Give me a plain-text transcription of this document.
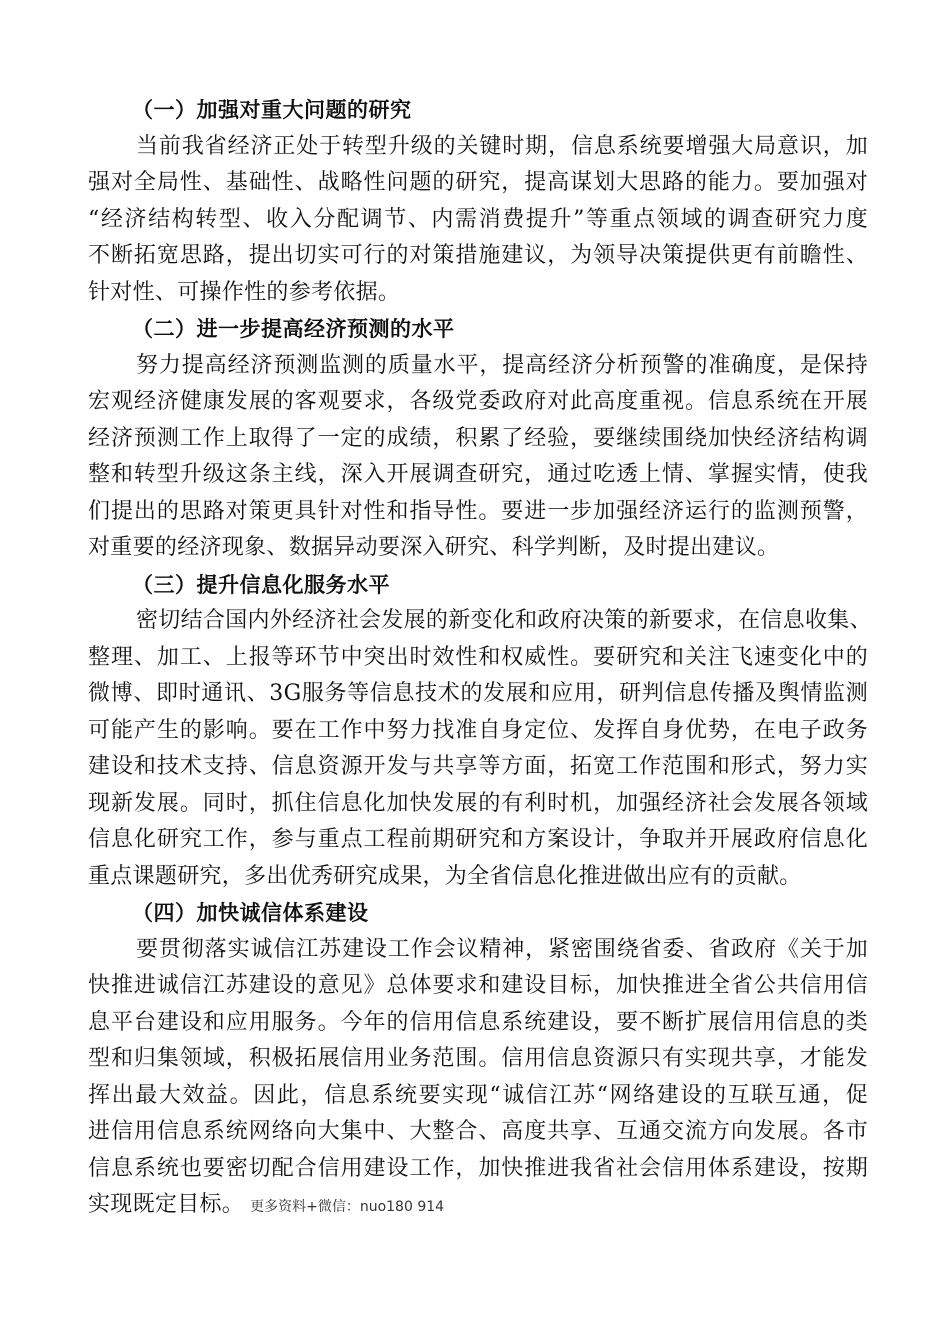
（一）加强对重大问题的研究

当前我省经济正处于转型升级的关键时期，信息系统要增强大局意识，加
强对全局性、基础性、战略性问题的研究，提高谋划大思路的能力。要加强对
“经济结构转型、收入分配调节、内需消费提升”等重点领域的调查研究力度
不断拓宽思路，提出切实可行的对策措施建议，为领导决策提供更有前瞻性、
针对性、可操作性的参考依据。

（二）进一步提高经济预测的水平

努力提高经济预测监测的质量水平，提高经济分析预警的准确度，是保持
宏观经济健康发展的客观要求，各级党委政府对此高度重视。信息系统在开展
经济预测工作上取得了一定的成绩，积累了经验，要继续围绕加快经济结构调
整和转型升级这条主线，深入开展调查研究，通过吃透上情、掌握实情，使我
们提出的思路对策更具针对性和指导性。要进一步加强经济运行的监测预警，
对重要的经济现象、数据异动要深入研究、科学判断，及时提出建议。

（三）提升信息化服务水平

密切结合国内外经济社会发展的新变化和政府决策的新要求，在信息收集、
整理、加工、上报等环节中突出时效性和权威性。要研究和关注飞速变化中的
微博、即时通讯、3G服务等信息技术的发展和应用，研判信息传播及舆情监测
可能产生的影响。要在工作中努力找准自身定位、发挥自身优势，在电子政务
建设和技术支持、信息资源开发与共享等方面，拓宽工作范围和形式，努力实
现新发展。同时，抓住信息化加快发展的有利时机，加强经济社会发展各领域
信息化研究工作，参与重点工程前期研究和方案设计，争取并开展政府信息化
重点课题研究，多出优秀研究成果，为全省信息化推进做出应有的贡献。

（四）加快诚信体系建设

要贯彻落实诚信江苏建设工作会议精神，紧密围绕省委、省政府《关于加
快推进诚信江苏建设的意见》总体要求和建设目标，加快推进全省公共信用信
息平台建设和应用服务。今年的信用信息系统建设，要不断扩展信用信息的类
型和归集领域，积极拓展信用业务范围。信用信息资源只有实现共享，才能发
挥出最大效益。因此，信息系统要实现“诚信江苏“网络建设的互联互通，促
进信用信息系统网络向大集中、大整合、高度共享、互通交流方向发展。各市
信息系统也要密切配合信用建设工作，加快推进我省社会信用体系建设，按期
实现既定目标。 更多资料+微信：nuo180 914
